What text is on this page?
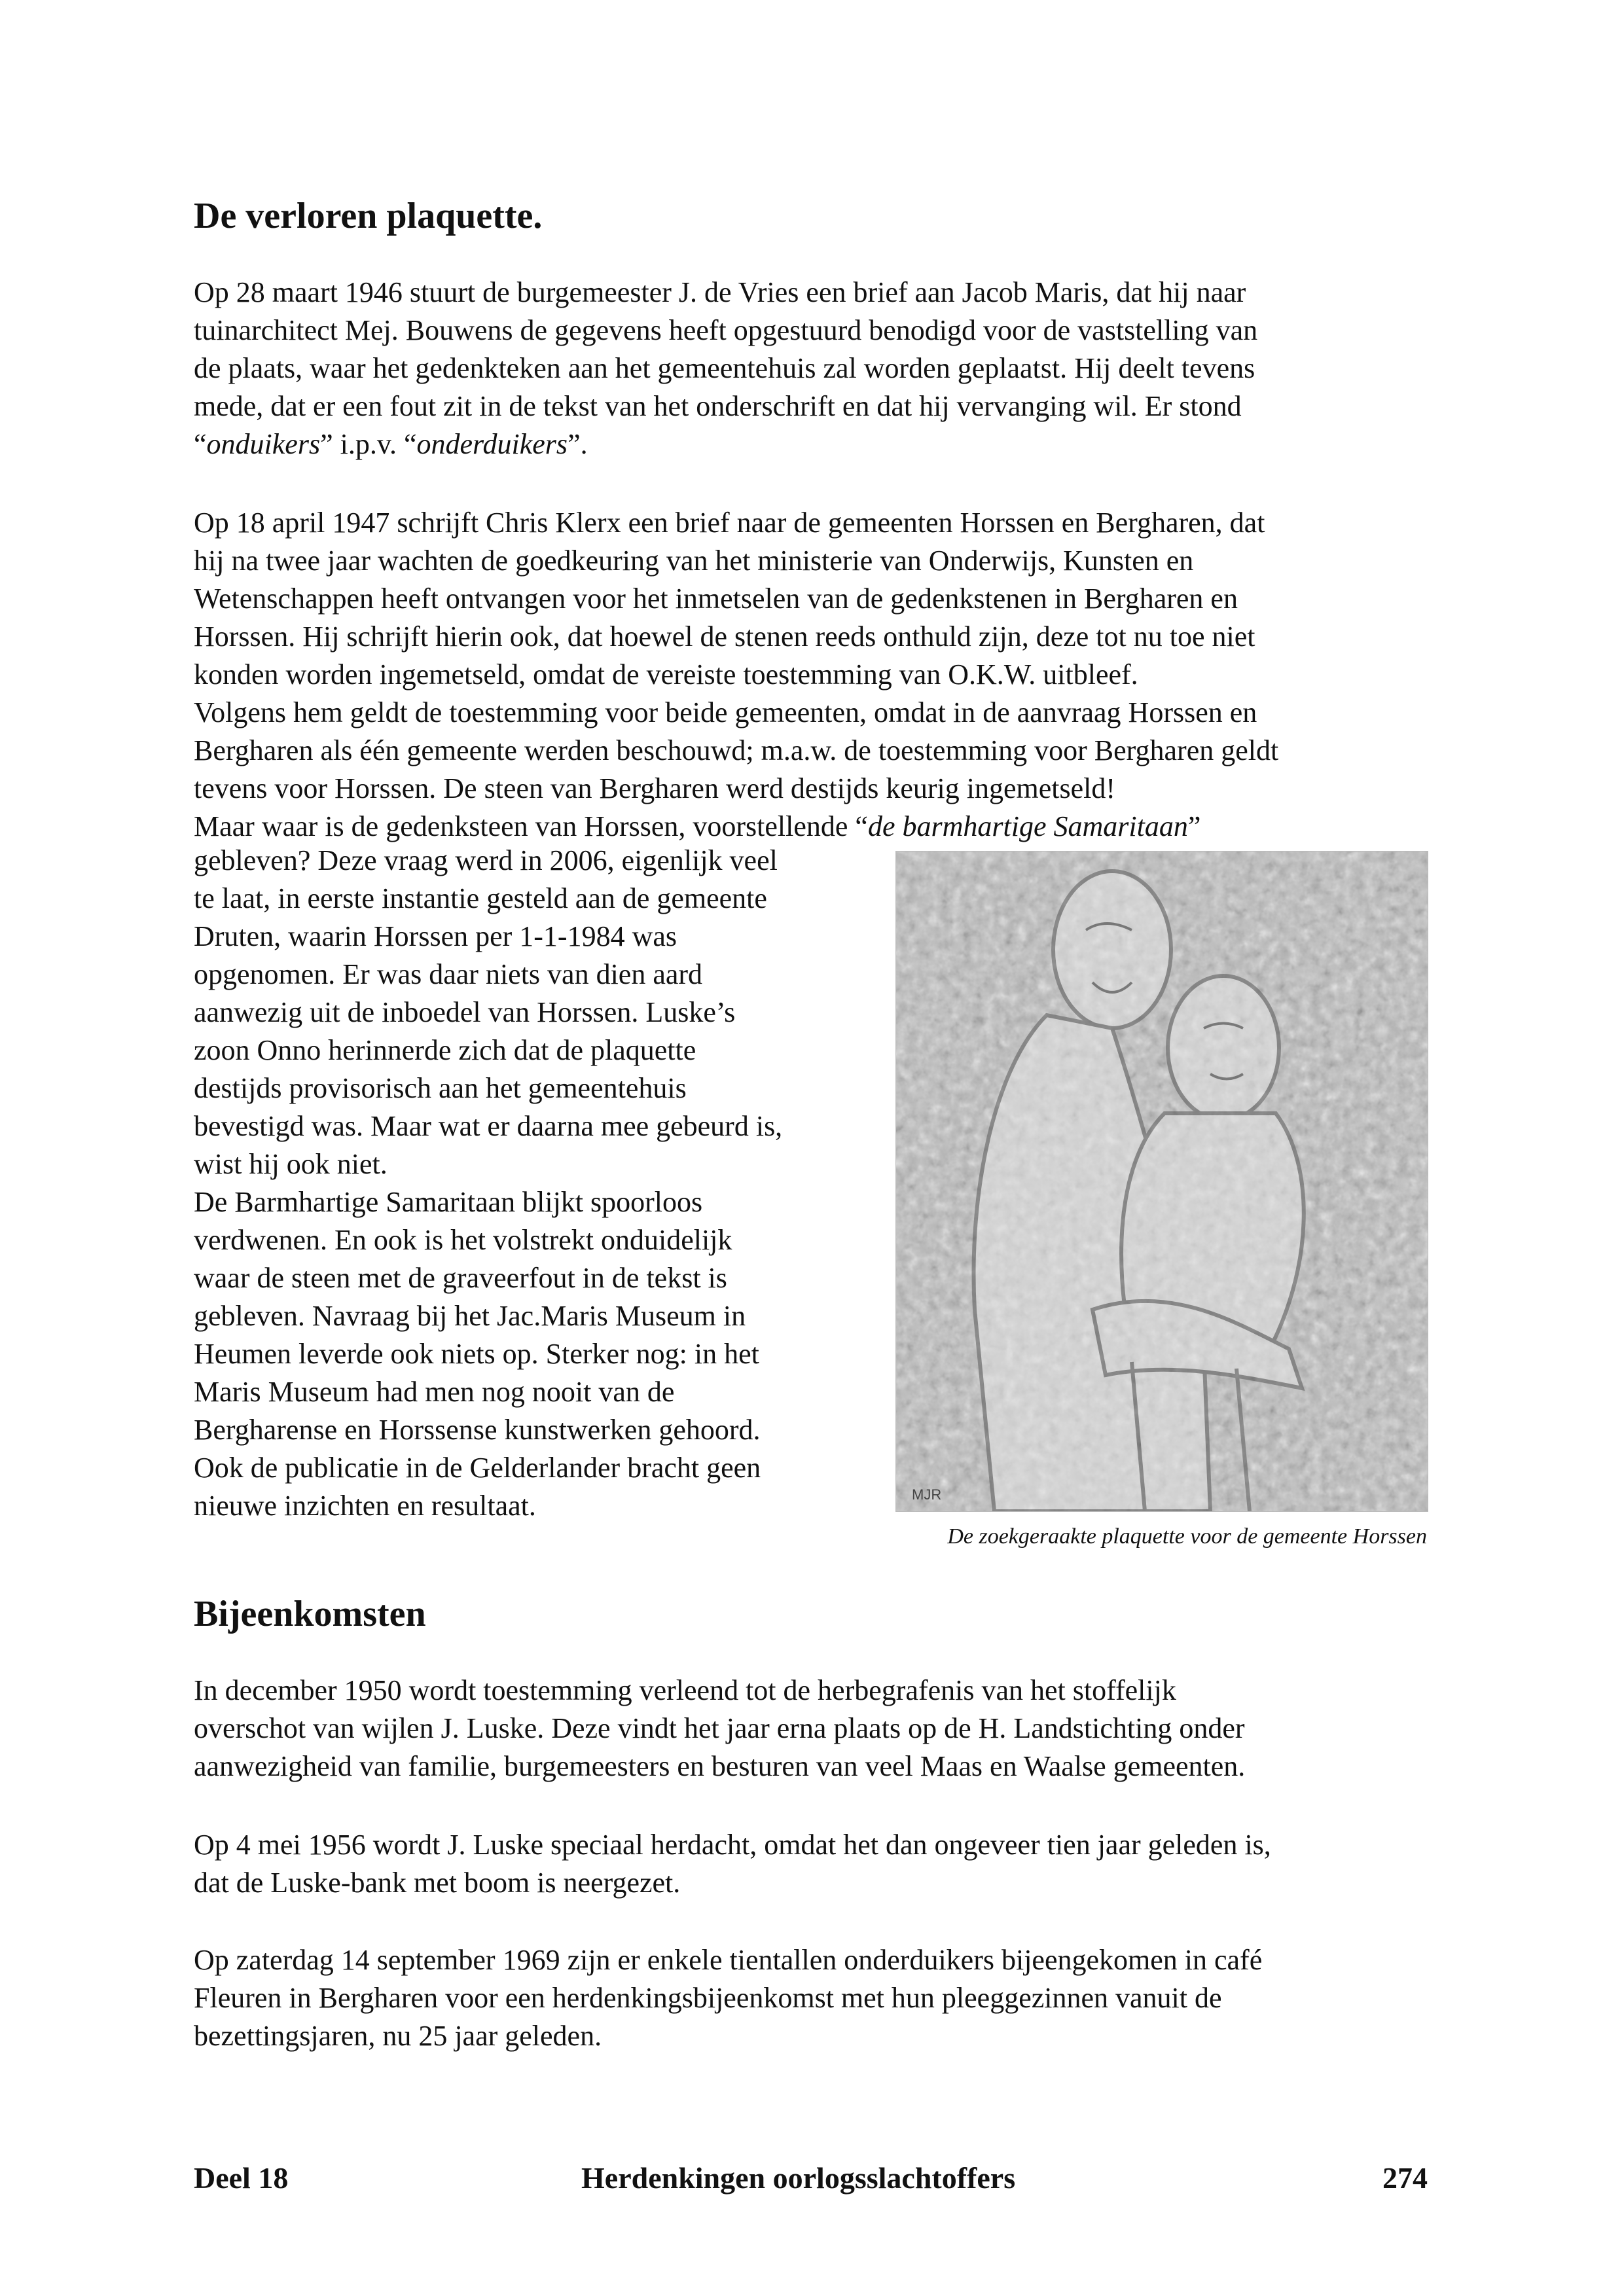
De verloren plaquette.
Op 28 maart 1946 stuurt de burgemeester J. de Vries een brief aan Jacob Maris, dat hij naar
tuinarchitect Mej. Bouwens de gegevens heeft opgestuurd benodigd voor de vaststelling van
de plaats, waar het gedenkteken aan het gemeentehuis zal worden geplaatst. Hij deelt tevens
mede, dat er een fout zit in de tekst van het onderschrift en dat hij vervanging wil. Er stond
“onduikers” i.p.v. “onderduikers”.
Op 18 april 1947 schrijft Chris Klerx een brief naar de gemeenten Horssen en Bergharen, dat
hij na twee jaar wachten de goedkeuring van het ministerie van Onderwijs, Kunsten en
Wetenschappen heeft ontvangen voor het inmetselen van de gedenkstenen in Bergharen en
Horssen. Hij schrijft hierin ook, dat hoewel de stenen reeds onthuld zijn, deze tot nu toe niet
konden worden ingemetseld, omdat de vereiste toestemming van O.K.W. uitbleef.
Volgens hem geldt de toestemming voor beide gemeenten, omdat in de aanvraag Horssen en
Bergharen als één gemeente werden beschouwd; m.a.w. de toestemming voor Bergharen geldt
tevens voor Horssen. De steen van Bergharen werd destijds keurig ingemetseld!
Maar waar is de gedenksteen van Horssen, voorstellende “de barmhartige Samaritaan”
gebleven? Deze vraag werd in 2006, eigenlijk veel
te laat, in eerste instantie gesteld aan de gemeente
Druten, waarin Horssen per 1-1-1984 was
opgenomen. Er was daar niets van dien aard
aanwezig uit de inboedel van Horssen. Luske’s
zoon Onno herinnerde zich dat de plaquette
destijds provisorisch aan het gemeentehuis
bevestigd was. Maar wat er daarna mee gebeurd is,
wist hij ook niet.
De Barmhartige Samaritaan blijkt spoorloos
verdwenen. En ook is het volstrekt onduidelijk
waar de steen met de graveerfout in de tekst is
gebleven. Navraag bij het Jac.Maris Museum in
Heumen leverde ook niets op. Sterker nog: in het
Maris Museum had men nog nooit van de
Bergharense en Horssense kunstwerken gehoord.
Ook de publicatie in de Gelderlander bracht geen
nieuwe inzichten en resultaat.	MJR
De zoekgeraakte plaquette voor de gemeente Horssen
Bijeenkomsten
In december 1950 wordt toestemming verleend tot de herbegrafenis van het stoffelijk
overschot van wijlen J. Luske. Deze vindt het jaar erna plaats op de H. Landstichting onder
aanwezigheid van familie, burgemeesters en besturen van veel Maas en Waalse gemeenten.
Op 4 mei 1956 wordt J. Luske speciaal herdacht, omdat het dan ongeveer tien jaar geleden is,
dat de Luske-bank met boom is neergezet.
Op zaterdag 14 september 1969 zijn er enkele tientallen onderduikers bijeengekomen in café
Fleuren in Bergharen voor een herdenkingsbijeenkomst met hun pleeggezinnen vanuit de
bezettingsjaren, nu 25 jaar geleden.
Deel 18	Herdenkingen oorlogsslachtoffers	274
